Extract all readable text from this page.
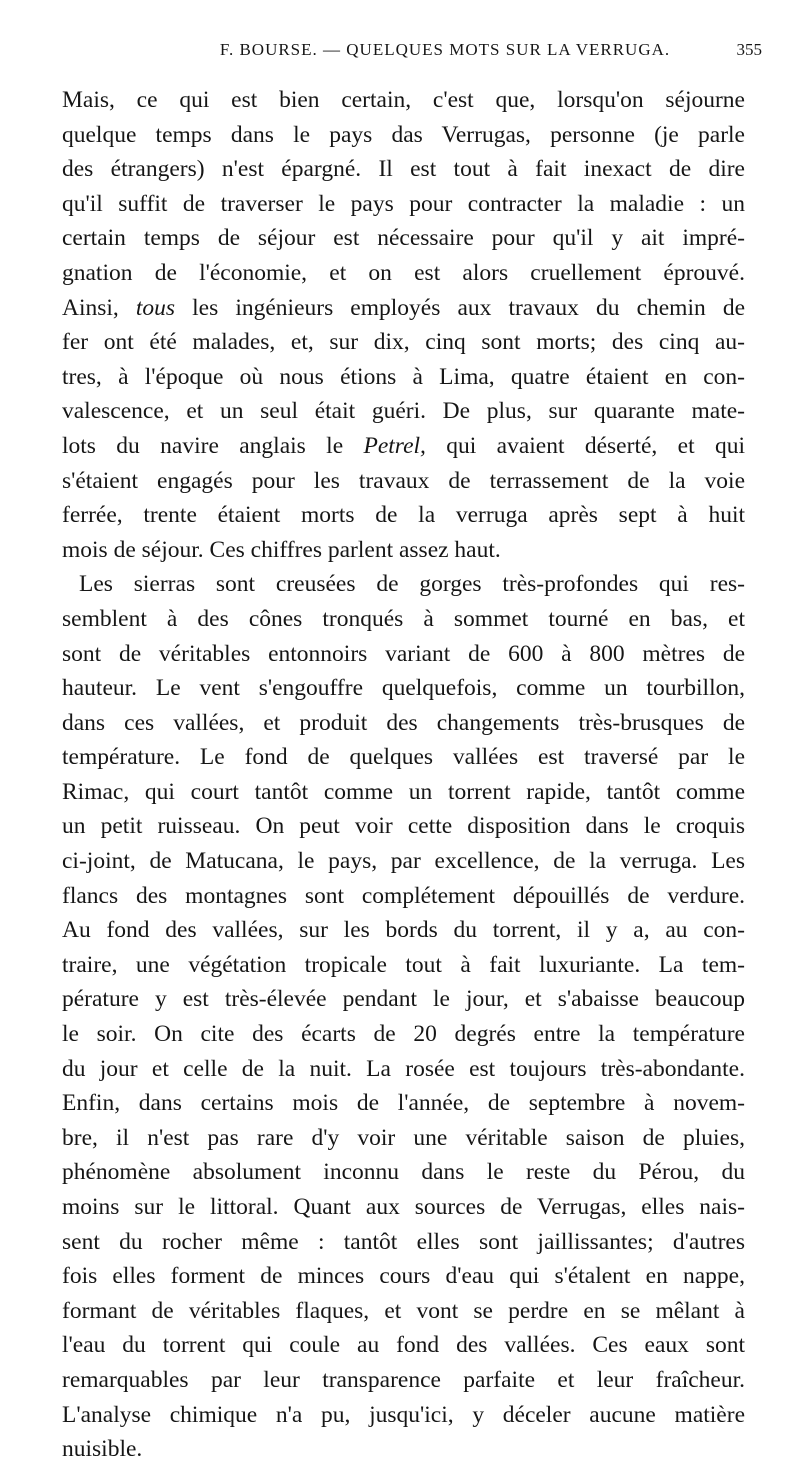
F. BOURSE. — QUELQUES MOTS SUR LA VERRUGA.	355
Mais, ce qui est bien certain, c'est que, lorsqu'on séjourne
quelque temps dans le pays das Verrugas, personne (je parle
des étrangers) n'est épargné. Il est tout à fait inexact de dire
qu'il suffit de traverser le pays pour contracter la maladie : un
certain temps de séjour est nécessaire pour qu'il y ait impré-
gnation de l'économie, et on est alors cruellement éprouvé.
Ainsi, tous les ingénieurs employés aux travaux du chemin de
fer ont été malades, et, sur dix, cinq sont morts; des cinq au-
tres, à l'époque où nous étions à Lima, quatre étaient en con-
valescence, et un seul était guéri. De plus, sur quarante mate-
lots du navire anglais le Petrel, qui avaient déserté, et qui
s'étaient engagés pour les travaux de terrassement de la voie
ferrée, trente étaient morts de la verruga après sept à huit
mois de séjour. Ces chiffres parlent assez haut.
Les sierras sont creusées de gorges très-profondes qui res-
semblent à des cônes tronqués à sommet tourné en bas, et
sont de véritables entonnoirs variant de 600 à 800 mètres de
hauteur. Le vent s'engouffre quelquefois, comme un tourbillon,
dans ces vallées, et produit des changements très-brusques de
température. Le fond de quelques vallées est traversé par le
Rimac, qui court tantôt comme un torrent rapide, tantôt comme
un petit ruisseau. On peut voir cette disposition dans le croquis
ci-joint, de Matucana, le pays, par excellence, de la verruga. Les
flancs des montagnes sont complétement dépouillés de verdure.
Au fond des vallées, sur les bords du torrent, il y a, au con-
traire, une végétation tropicale tout à fait luxuriante. La tem-
pérature y est très-élevée pendant le jour, et s'abaisse beaucoup
le soir. On cite des écarts de 20 degrés entre la température
du jour et celle de la nuit. La rosée est toujours très-abondante.
Enfin, dans certains mois de l'année, de septembre à novem-
bre, il n'est pas rare d'y voir une véritable saison de pluies,
phénomène absolument inconnu dans le reste du Pérou, du
moins sur le littoral. Quant aux sources de Verrugas, elles nais-
sent du rocher même : tantôt elles sont jaillissantes; d'autres
fois elles forment de minces cours d'eau qui s'étalent en nappe,
formant de véritables flaques, et vont se perdre en se mêlant à
l'eau du torrent qui coule au fond des vallées. Ces eaux sont
remarquables par leur transparence parfaite et leur fraîcheur.
L'analyse chimique n'a pu, jusqu'ici, y déceler aucune matière
nuisible.
